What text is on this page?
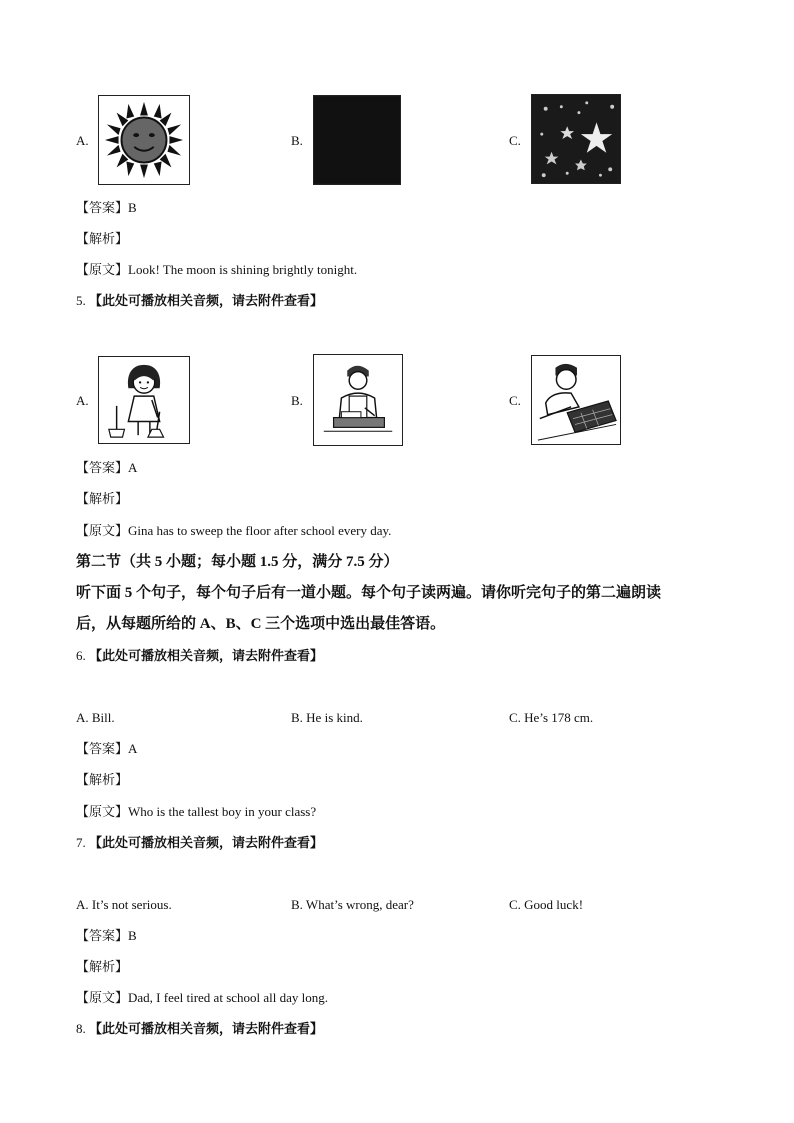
A.	B.	C.
【答案】B
【解析】
【原文】Look! The moon is shining brightly tonight.
5. 【此处可播放相关音频，请去附件查看】
A.	B.	C.
【答案】A
【解析】
【原文】Gina has to sweep the floor after school every day.
第二节（共 5 小题；每小题 1.5 分，满分 7.5 分）
听下面 5 个句子，每个句子后有一道小题。每个句子读两遍。请你听完句子的第二遍朗读
后，从每题所给的 A、B、C 三个选项中选出最佳答语。
6. 【此处可播放相关音频，请去附件查看】
A. Bill.	B. He is kind.	C. He’s 178 cm.
【答案】A
【解析】
【原文】Who is the tallest boy in your class?
7. 【此处可播放相关音频，请去附件查看】
A. It’s not serious.	B. What’s wrong, dear?	C. Good luck!
【答案】B
【解析】
【原文】Dad, I feel tired at school all day long.
8. 【此处可播放相关音频，请去附件查看】
